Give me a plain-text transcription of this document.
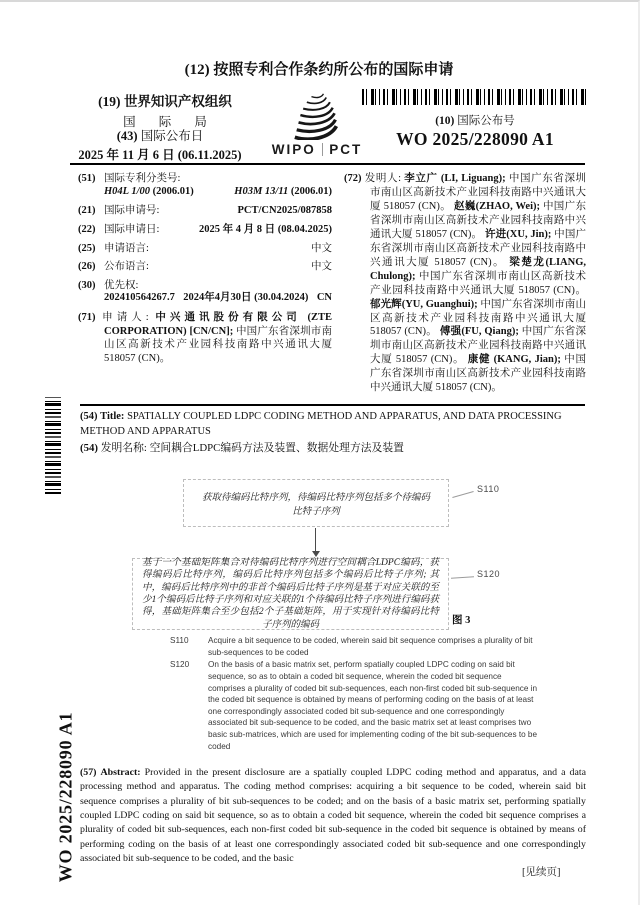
(12) 按照专利合作条约所公布的国际申请
(19) 世界知识产权组织
国 际 局
(43) 国际公布日
2025 年 11 月 6 日 (06.11.2025)	WIPO PCT
(10) 国际公布号
WO 2025/228090 A1
(51) 国际专利分类号:
H04L 1/00 (2006.01)	H03M 13/11 (2006.01)
(21) 国际申请号:	PCT/CN2025/087858
(22) 国际申请日:	2025 年 4 月 8 日 (08.04.2025)
(25) 申请语言:	中文
(26) 公布语言:	中文
(30) 优先权:
202410564267.7 2024年4月30日 (30.04.2024) CN

(71) 申请人: 中兴通讯股份有限公司 (ZTE CORPORATION) [CN/CN]; 中国广东省深圳市南山区高新技术产业园科技南路中兴通讯大厦 518057 (CN)。

(72) 发明人: 李立广 (LI, Liguang); 中国广东省深圳市南山区高新技术产业园科技南路中兴通讯大厦 518057 (CN)。 赵巍(ZHAO, Wei); 中国广东省深圳市南山区高新技术产业园科技南路中兴通讯大厦 518057 (CN)。 许进(XU, Jin); 中国广东省深圳市南山区高新技术产业园科技南路中兴通讯大厦 518057 (CN)。 梁楚龙(LIANG, Chulong); 中国广东省深圳市南山区高新技术产业园科技南路中兴通讯大厦 518057 (CN)。 郁光辉(YU, Guanghui); 中国广东省深圳市南山区高新技术产业园科技南路中兴通讯大厦 518057 (CN)。 傅强(FU, Qiang); 中国广东省深圳市南山区高新技术产业园科技南路中兴通讯大厦 518057 (CN)。 康健 (KANG, Jian); 中国广东省深圳市南山区高新技术产业园科技南路中兴通讯大厦 518057 (CN)。

(54) Title: SPATIALLY COUPLED LDPC CODING METHOD AND APPARATUS, AND DATA PROCESSING METHOD AND APPARATUS
(54) 发明名称: 空间耦合LDPC编码方法及装置、数据处理方法及装置
获取待编码比特序列，待编码比特序列包括多个待编码比特子序列
S110
基于一个基础矩阵集合对待编码比特序列进行空间耦合LDPC编码，获得编码后比特序列，编码后比特序列包括多个编码后比特子序列; 其中，编码后比特序列中的非首个编码后比特子序列是基于对应关联的至少1个编码后比特子序列和对应关联的1个待编码比特子序列进行编码获得，基础矩阵集合至少包括2个子基础矩阵，用于实现针对待编码比特子序列的编码
S120
图 3
S110	Acquire a bit sequence to be coded, wherein said bit sequence comprises a plurality of bit sub-sequences to be coded
S120	On the basis of a basic matrix set, perform spatially coupled LDPC coding on said bit sequence, so as to obtain a coded bit sequence, wherein the coded bit sequence comprises a plurality of coded bit sub-sequences, each non-first coded bit sub-sequence in the coded bit sequence is obtained by means of performing coding on the basis of at least one correspondingly associated coded bit sub-sequence and one correspondingly associated bit sub-sequence to be coded, and the basic matrix set at least comprises two basic sub-matrices, which are used for implementing coding of the bit sub-sequences to be coded
(57) Abstract: Provided in the present disclosure are a spatially coupled LDPC coding method and apparatus, and a data processing method and apparatus. The coding method comprises: acquiring a bit sequence to be coded, wherein said bit sequence comprises a plurality of bit sub-sequences to be coded; and on the basis of a basic matrix set, performing spatially coupled LDPC coding on said bit sequence, so as to obtain a coded bit sequence, wherein the coded bit sequence comprises a plurality of coded bit sub-sequences, each non-first coded bit sub-sequence in the coded bit sequence is obtained by means of performing coding on the basis of at least one correspondingly associated coded bit sub-sequence and one correspondingly associated bit sub-sequence to be coded, and the basic
WO 2025/228090 A1	[见续页]
